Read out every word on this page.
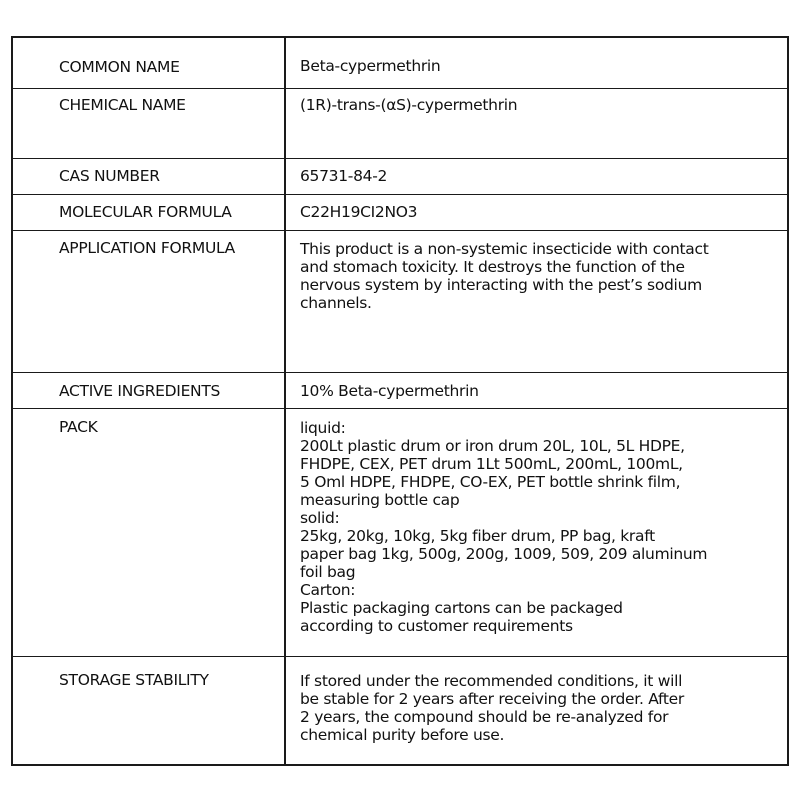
COMMON NAME	Beta-cypermethrin
CHEMICAL NAME	(1R)-trans-(αS)-cypermethrin
CAS NUMBER	65731-84-2
MOLECULAR FORMULA	C22H19CI2NO3
APPLICATION FORMULA	This product is a non-systemic insecticide with contact
and stomach toxicity. It destroys the function of the
nervous system by interacting with the pest’s sodium
channels.
ACTIVE INGREDIENTS	10% Beta-cypermethrin
PACK	liquid:
200Lt plastic drum or iron drum 20L, 10L, 5L HDPE,
FHDPE, CEX, PET drum 1Lt 500mL, 200mL, 100mL,
5 Oml HDPE, FHDPE, CO-EX, PET bottle shrink film,
measuring bottle cap
solid:
25kg, 20kg, 10kg, 5kg fiber drum, PP bag, kraft
paper bag 1kg, 500g, 200g, 1009, 509, 209 aluminum
foil bag
Carton:
Plastic packaging cartons can be packaged
according to customer requirements
STORAGE STABILITY	If stored under the recommended conditions, it will
be stable for 2 years after receiving the order. After
2 years, the compound should be re-analyzed for
chemical purity before use.
